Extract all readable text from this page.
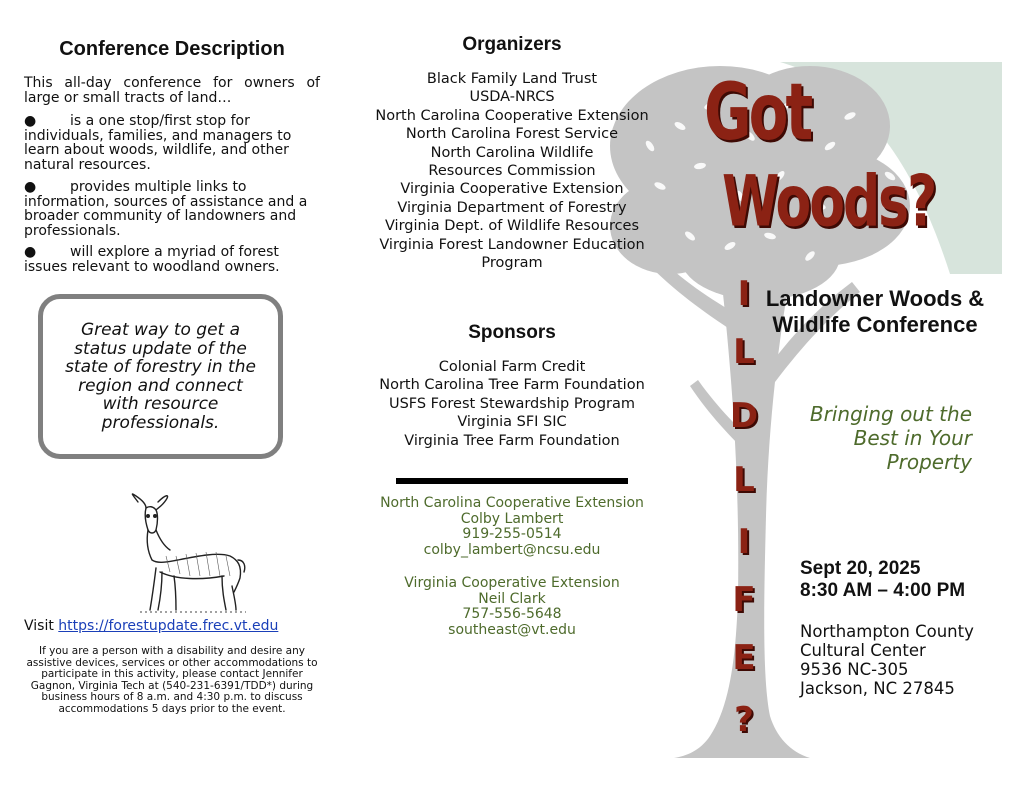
Conference Description
This all-day conference for owners of large or small tracts of land…
● is a one stop/first stop for individuals, families, and managers to learn about woods, wildlife, and other natural resources.
● provides multiple links to information, sources of assistance and a broader community of landowners and professionals.
● will explore a myriad of forest issues relevant to woodland owners.
Great way to get a status update of the state of forestry in the region and connect with resource professionals.
Visit https://forestupdate.frec.vt.edu
If you are a person with a disability and desire any assistive devices, services or other accommodations to participate in this activity, please contact Jennifer Gagnon, Virginia Tech at (540-231-6391/TDD*) during business hours of 8 a.m. and 4:30 p.m. to discuss accommodations 5 days prior to the event.
Organizers
Black Family Land Trust
USDA-NRCS
North Carolina Cooperative Extension
North Carolina Forest Service
North Carolina Wildlife Resources Commission
Virginia Cooperative Extension
Virginia Department of Forestry
Virginia Dept. of Wildlife Resources
Virginia Forest Landowner Education Program
Sponsors
Colonial Farm Credit
North Carolina Tree Farm Foundation
USFS Forest Stewardship Program
Virginia SFI SIC
Virginia Tree Farm Foundation
North Carolina Cooperative Extension
Colby Lambert
919-255-0514
colby_lambert@ncsu.edu
Virginia Cooperative Extension
Neil Clark
757-556-5648
southeast@vt.edu
Got
Woods?
I
L
D
L
I
F
E
?
Landowner Woods & Wildlife Conference
Bringing out the Best in Your Property
Sept 20, 2025
8:30 AM – 4:00 PM
Northampton County
Cultural Center
9536 NC-305
Jackson, NC 27845
